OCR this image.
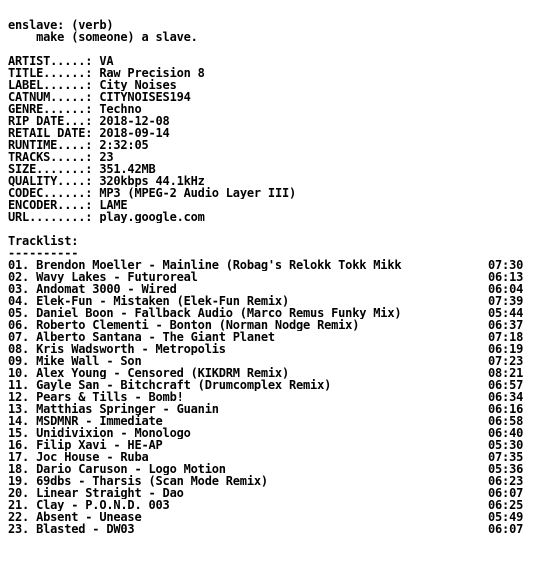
enslave: (verb)
make (someone) a slave.
ARTIST.....: VA
TITLE......: Raw Precision 8
LABEL......: City Noises
CATNUM.....: CITYNOISES194
GENRE......: Techno
RIP DATE...: 2018-12-08
RETAIL DATE: 2018-09-14
RUNTIME....: 2:32:05
TRACKS.....: 23
SIZE.......: 351.42MB
QUALITY....: 320kbps 44.1kHz
CODEC......: MP3 (MPEG-2 Audio Layer III)
ENCODER....: LAME
URL........: play.google.com
Tracklist:
----------
01. Brendon Moeller - Mainline (Robag's Relokk Tokk Mikk	07:30
02. Wavy Lakes - Futuroreal	06:13
03. Andomat 3000 - Wired	06:04
04. Elek-Fun - Mistaken (Elek-Fun Remix)	07:39
05. Daniel Boon - Fallback Audio (Marco Remus Funky Mix)	05:44
06. Roberto Clementi - Bonton (Norman Nodge Remix)	06:37
07. Alberto Santana - The Giant Planet	07:18
08. Kris Wadsworth - Metropolis	06:19
09. Mike Wall - Son	07:23
10. Alex Young - Censored (KIKDRM Remix)	08:21
11. Gayle San - Bitchcraft (Drumcomplex Remix)	06:57
12. Pears & Tills - Bomb!	06:34
13. Matthias Springer - Guanin	06:16
14. MSDMNR - Immediate	06:58
15. Unidivixion - Monologo	06:40
16. Filip Xavi - HE-AP	05:30
17. Joc House - Ruba	07:35
18. Dario Caruson - Logo Motion	05:36
19. 69dbs - Tharsis (Scan Mode Remix)	06:23
20. Linear Straight - Dao	06:07
21. Clay - P.O.N.D. 003	06:25
22. Absent - Unease	05:49
23. Blasted - DW03	06:07
